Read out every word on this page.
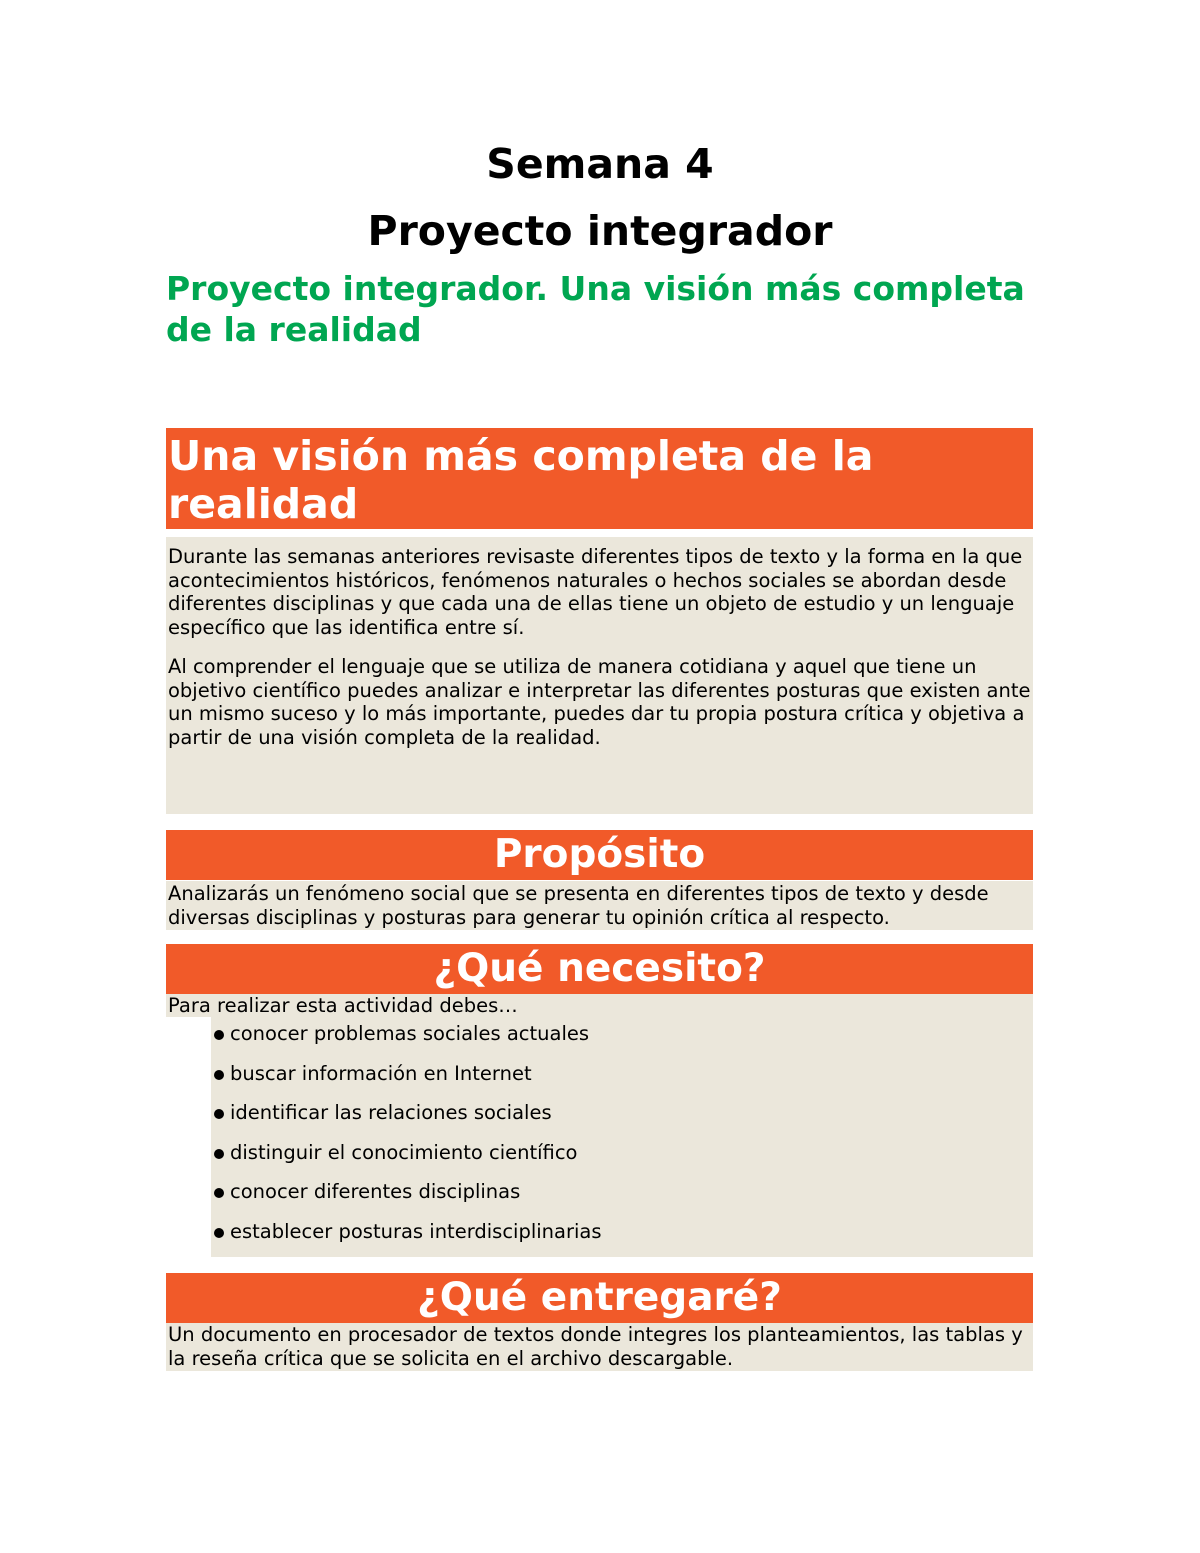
Semana 4
Proyecto integrador
Proyecto integrador. Una visión más completa de la realidad
Una visión más completa de la realidad

Durante las semanas anteriores revisaste diferentes tipos de texto y la forma en la que acontecimientos históricos, fenómenos naturales o hechos sociales se abordan desde diferentes disciplinas y que cada una de ellas tiene un objeto de estudio y un lenguaje específico que las identifica entre sí.

Al comprender el lenguaje que se utiliza de manera cotidiana y aquel que tiene un objetivo científico puedes analizar e interpretar las diferentes posturas que existen ante un mismo suceso y lo más importante, puedes dar tu propia postura crítica y objetiva a partir de una visión completa de la realidad.

Propósito

Analizarás un fenómeno social que se presenta en diferentes tipos de texto y desde diversas disciplinas y posturas para generar tu opinión crítica al respecto.

¿Qué necesito?
conocer problemas sociales actuales
buscar información en Internet
identificar las relaciones sociales
distinguir el conocimiento científico
conocer diferentes disciplinas
establecer posturas interdisciplinarias
Para realizar esta actividad debes…
¿Qué entregaré?

Un documento en procesador de textos donde integres los planteamientos, las tablas y la reseña crítica que se solicita en el archivo descargable.
